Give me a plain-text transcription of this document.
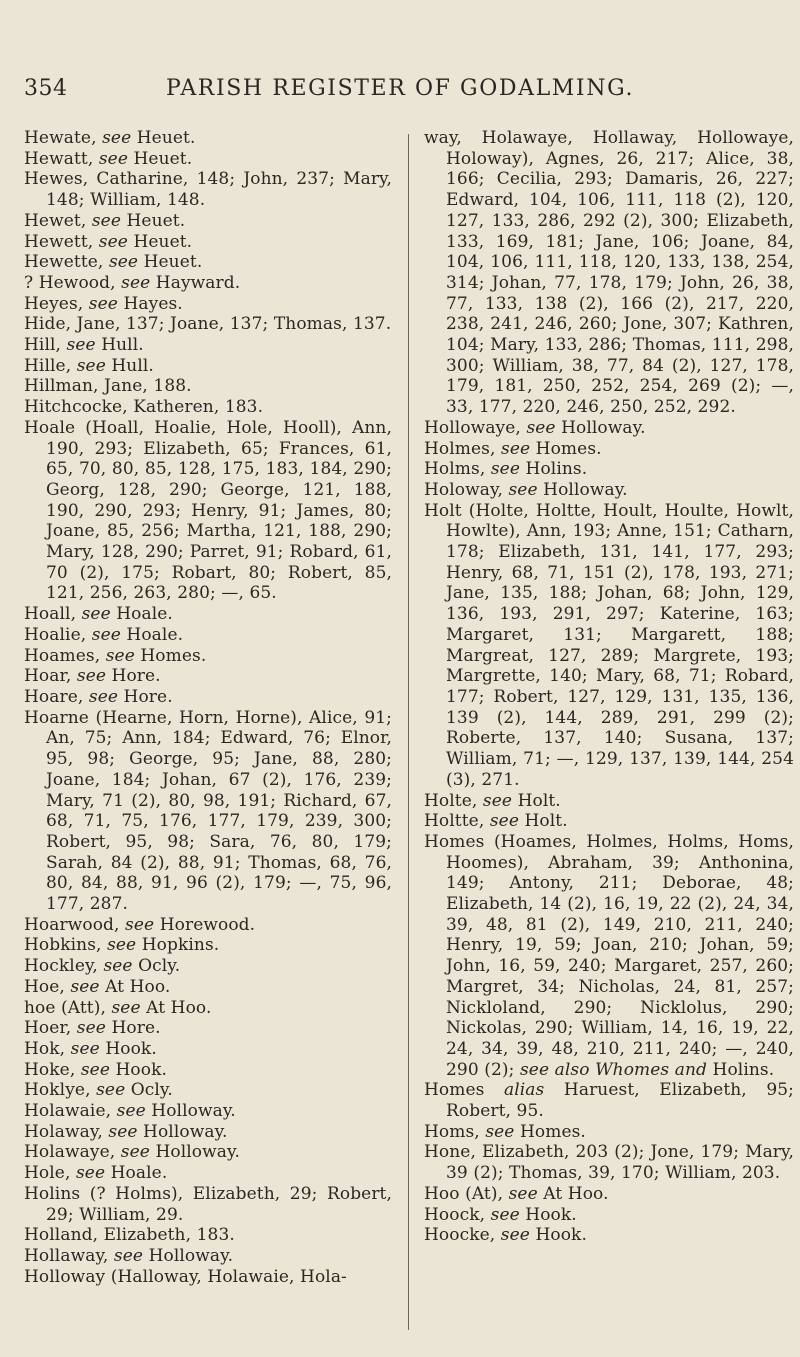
354	PARISH REGISTER OF GODALMING.

Hewate, see Heuet.

Hewatt, see Heuet.

Hewes, Catharine, 148; John, 237; Mary, 148; William, 148.

Hewet, see Heuet.

Hewett, see Heuet.

Hewette, see Heuet.

? Hewood, see Hayward.

Heyes, see Hayes.

Hide, Jane, 137; Joane, 137; Thomas, 137.

Hill, see Hull.

Hille, see Hull.

Hillman, Jane, 188.

Hitchcocke, Katheren, 183.

Hoale (Hoall, Hoalie, Hole, Hooll), Ann, 190, 293; Elizabeth, 65; Frances, 61, 65, 70, 80, 85, 128, 175, 183, 184, 290; Georg, 128, 290; George, 121, 188, 190, 290, 293; Henry, 91; James, 80; Joane, 85, 256; Martha, 121, 188, 290; Mary, 128, 290; Parret, 91; Robard, 61, 70 (2), 175; Robart, 80; Robert, 85, 121, 256, 263, 280; —, 65.

Hoall, see Hoale.

Hoalie, see Hoale.

Hoames, see Homes.

Hoar, see Hore.

Hoare, see Hore.

Hoarne (Hearne, Horn, Horne), Alice, 91; An, 75; Ann, 184; Edward, 76; Elnor, 95, 98; George, 95; Jane, 88, 280; Joane, 184; Johan, 67 (2), 176, 239; Mary, 71 (2), 80, 98, 191; Richard, 67, 68, 71, 75, 176, 177, 179, 239, 300; Robert, 95, 98; Sara, 76, 80, 179; Sarah, 84 (2), 88, 91; Thomas, 68, 76, 80, 84, 88, 91, 96 (2), 179; —, 75, 96, 177, 287.

Hoarwood, see Horewood.

Hobkins, see Hopkins.

Hockley, see Ocly.

Hoe, see At Hoo.

hoe (Att), see At Hoo.

Hoer, see Hore.

Hok, see Hook.

Hoke, see Hook.

Hoklye, see Ocly.

Holawaie, see Holloway.

Holaway, see Holloway.

Holawaye, see Holloway.

Hole, see Hoale.

Holins (? Holms), Elizabeth, 29; Robert, 29; William, 29.

Holland, Elizabeth, 183.

Hollaway, see Holloway.

Holloway (Halloway, Holawaie, Hola-

way, Holawaye, Hollaway, Hollowaye, Holoway), Agnes, 26, 217; Alice, 38, 166; Cecilia, 293; Damaris, 26, 227; Edward, 104, 106, 111, 118 (2), 120, 127, 133, 286, 292 (2), 300; Elizabeth, 133, 169, 181; Jane, 106; Joane, 84, 104, 106, 111, 118, 120, 133, 138, 254, 314; Johan, 77, 178, 179; John, 26, 38, 77, 133, 138 (2), 166 (2), 217, 220, 238, 241, 246, 260; Jone, 307; Kathren, 104; Mary, 133, 286; Thomas, 111, 298, 300; William, 38, 77, 84 (2), 127, 178, 179, 181, 250, 252, 254, 269 (2); —, 33, 177, 220, 246, 250, 252, 292.

Hollowaye, see Holloway.

Holmes, see Homes.

Holms, see Holins.

Holoway, see Holloway.

Holt (Holte, Holtte, Hoult, Houlte, Howlt, Howlte), Ann, 193; Anne, 151; Catharn, 178; Elizabeth, 131, 141, 177, 293; Henry, 68, 71, 151 (2), 178, 193, 271; Jane, 135, 188; Johan, 68; John, 129, 136, 193, 291, 297; Katerine, 163; Margaret, 131; Margarett, 188; Margreat, 127, 289; Margrete, 193; Margrette, 140; Mary, 68, 71; Robard, 177; Robert, 127, 129, 131, 135, 136, 139 (2), 144, 289, 291, 299 (2); Roberte, 137, 140; Susana, 137; William, 71; —, 129, 137, 139, 144, 254 (3), 271.

Holte, see Holt.

Holtte, see Holt.

Homes (Hoames, Holmes, Holms, Homs, Hoomes), Abraham, 39; Anthonina, 149; Antony, 211; Deborae, 48; Elizabeth, 14 (2), 16, 19, 22 (2), 24, 34, 39, 48, 81 (2), 149, 210, 211, 240; Henry, 19, 59; Joan, 210; Johan, 59; John, 16, 59, 240; Margaret, 257, 260; Margret, 34; Nicholas, 24, 81, 257; Nickloland, 290; Nicklolus, 290; Nickolas, 290; William, 14, 16, 19, 22, 24, 34, 39, 48, 210, 211, 240; —, 240, 290 (2); see also Whomes and Holins.

Homes alias Haruest, Elizabeth, 95; Robert, 95.

Homs, see Homes.

Hone, Elizabeth, 203 (2); Jone, 179; Mary, 39 (2); Thomas, 39, 170; William, 203.

Hoo (At), see At Hoo.

Hoock, see Hook.

Hoocke, see Hook.
